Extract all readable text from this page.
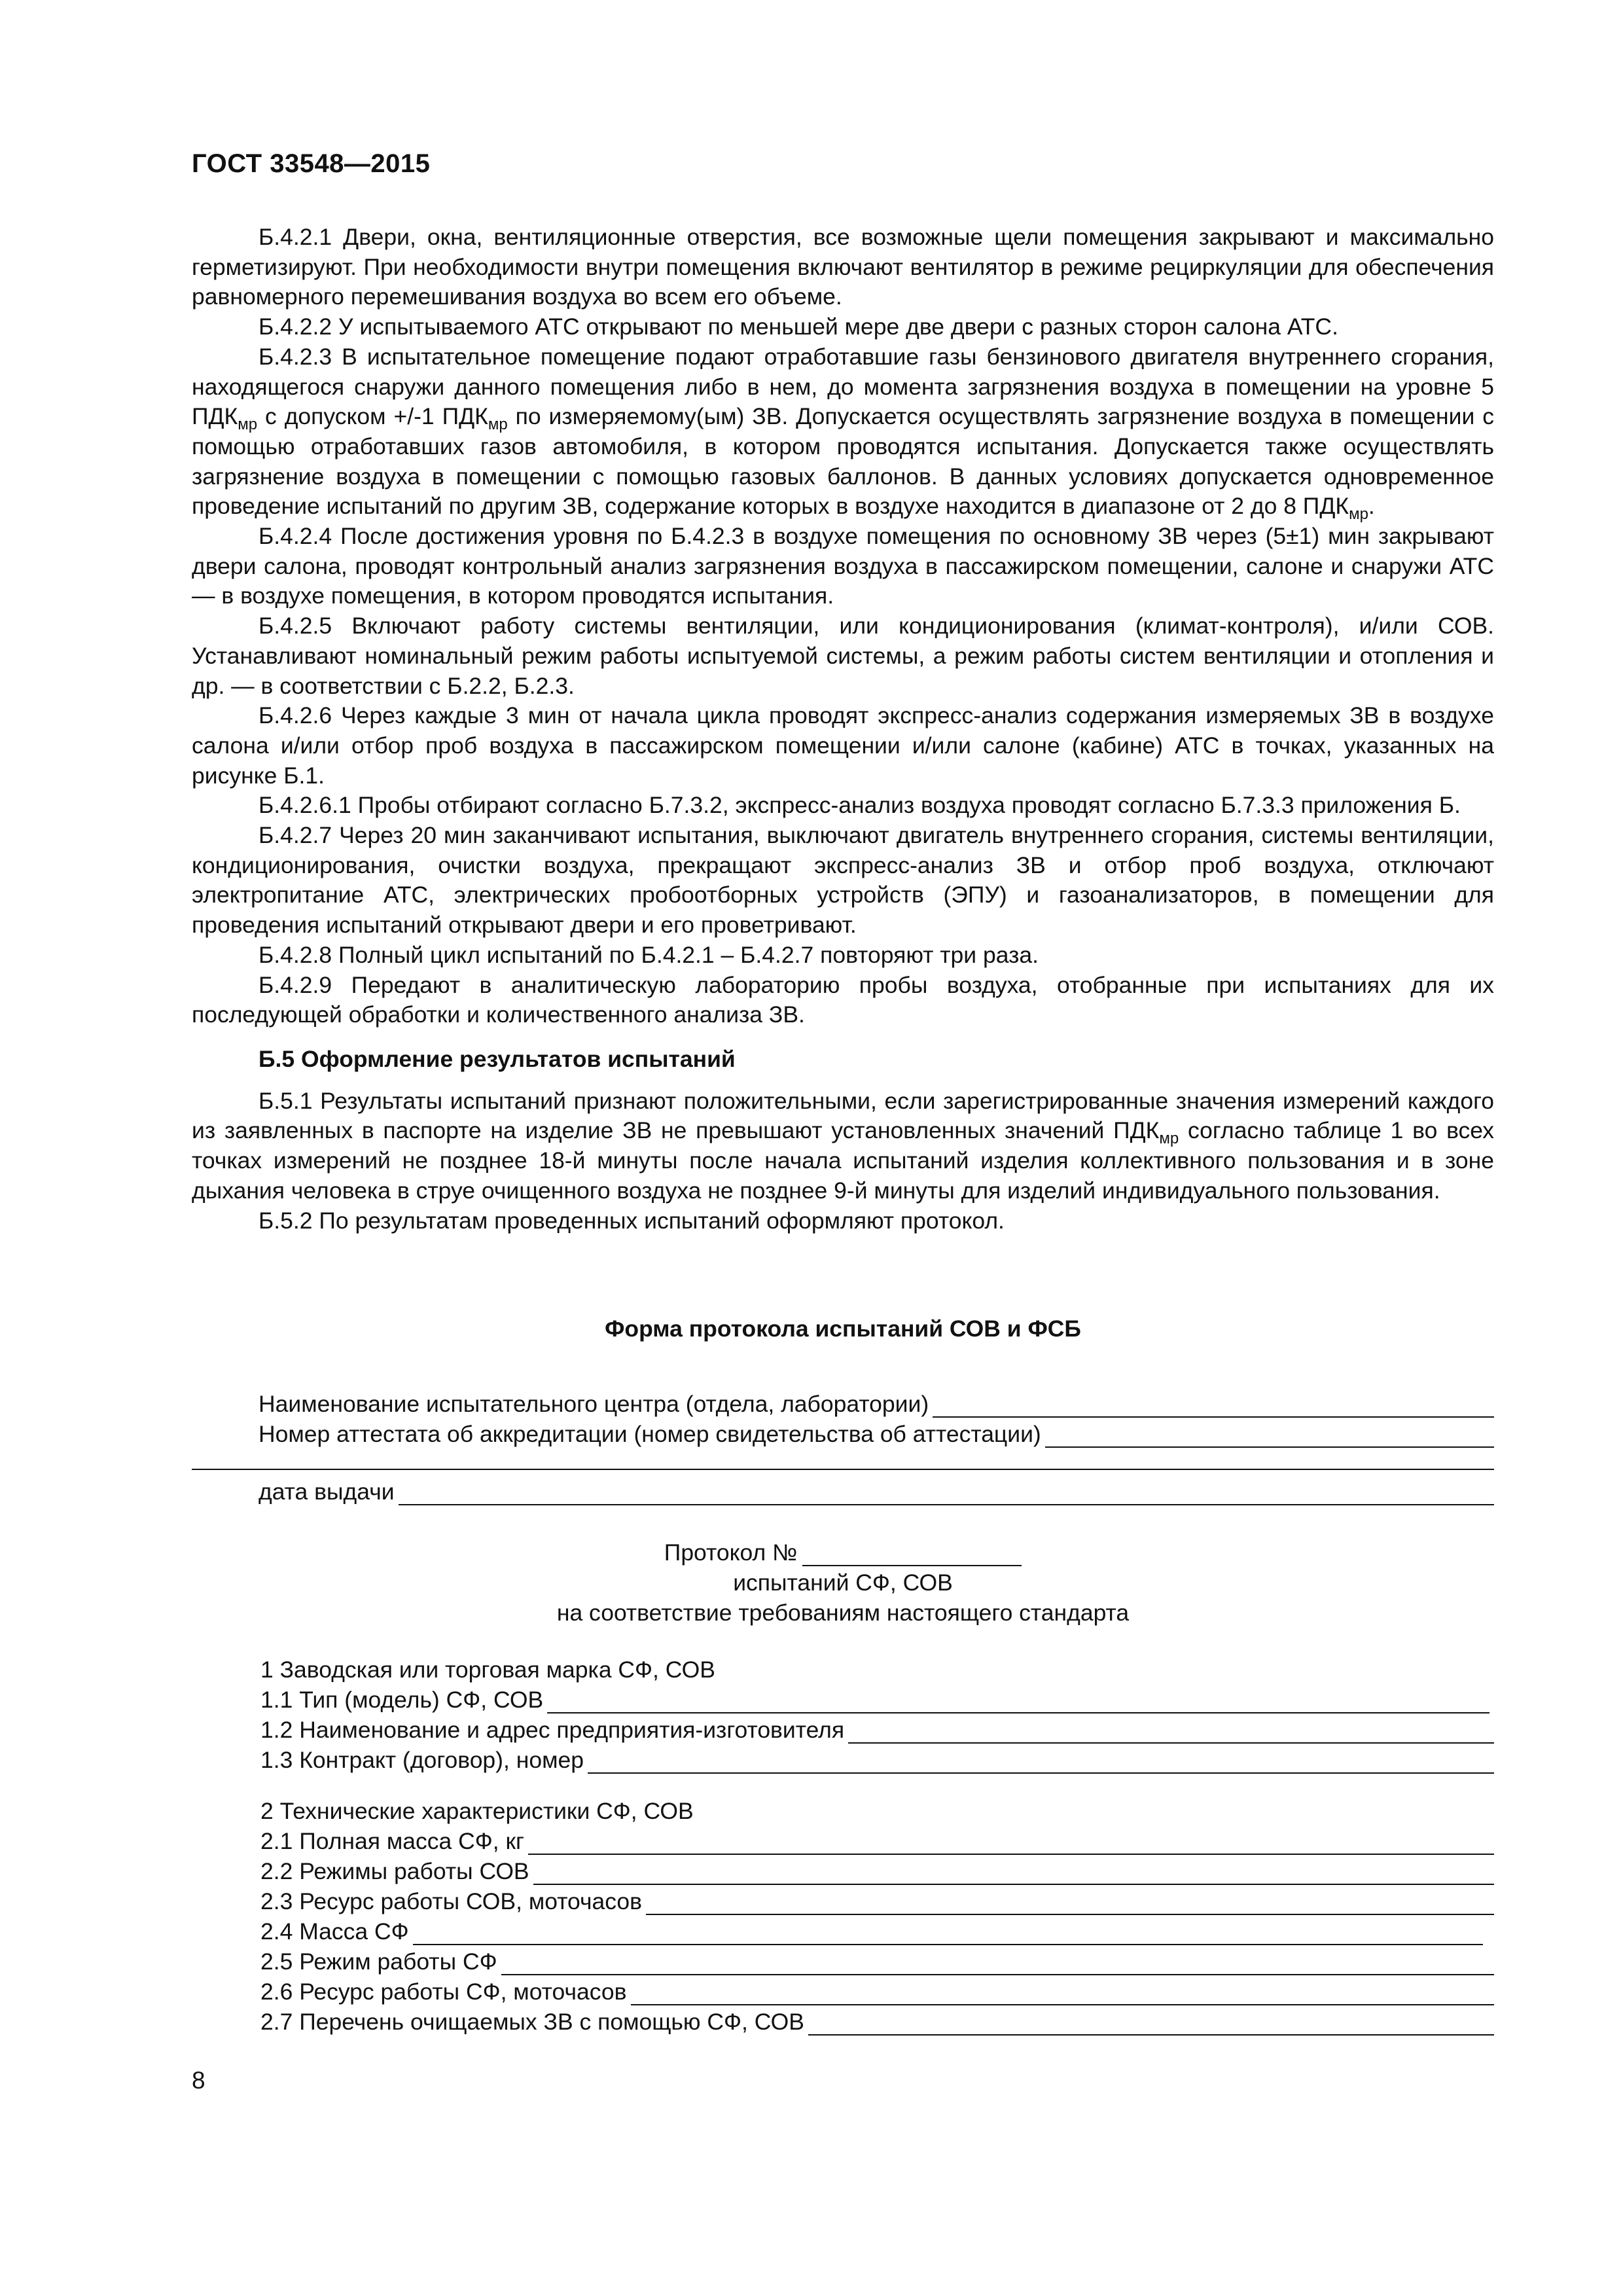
ГОСТ 33548—2015

Б.4.2.1 Двери, окна, вентиляционные отверстия, все возможные щели помещения закрывают и максимально герметизируют. При необходимости внутри помещения включают вентилятор в режиме рециркуляции для обеспечения равномерного перемешивания воздуха во всем его объеме.

Б.4.2.2 У испытываемого АТС открывают по меньшей мере две двери с разных сторон салона АТС.

Б.4.2.3 В испытательное помещение подают отработавшие газы бензинового двигателя внутреннего сгорания, находящегося снаружи данного помещения либо в нем, до момента загрязнения воздуха в помещении на уровне 5 $ПДК_{мр}$ с допуском +/-1 $ПДК_{мр}$ по измеряемому(ым) ЗВ. Допускается осуществлять загрязнение воздуха в помещении с помощью отработавших газов автомобиля, в котором проводятся испытания. Допускается также осуществлять загрязнение воздуха в помещении с помощью газовых баллонов. В данных условиях допускается одновременное проведение испытаний по другим ЗВ, содержание которых в воздухе находится в диапазоне от 2 до 8 $ПДК_{мр}$.

Б.4.2.4 После достижения уровня по Б.4.2.3 в воздухе помещения по основному ЗВ через (5±1) мин закрывают двери салона, проводят контрольный анализ загрязнения воздуха в пассажирском помещении, салоне и снаружи АТС — в воздухе помещения, в котором проводятся испытания.

Б.4.2.5 Включают работу системы вентиляции, или кондиционирования (климат-контроля), и/или СОВ. Устанавливают номинальный режим работы испытуемой системы, а режим работы систем вентиляции и отопления и др. — в соответствии с Б.2.2, Б.2.3.

Б.4.2.6 Через каждые 3 мин от начала цикла проводят экспресс-анализ содержания измеряемых ЗВ в воздухе салона и/или отбор проб воздуха в пассажирском помещении и/или салоне (кабине) АТС в точках, указанных на рисунке Б.1.

Б.4.2.6.1 Пробы отбирают согласно Б.7.3.2, экспресс-анализ воздуха проводят согласно Б.7.3.3 приложения Б.

Б.4.2.7 Через 20 мин заканчивают испытания, выключают двигатель внутреннего сгорания, системы вентиляции, кондиционирования, очистки воздуха, прекращают экспресс-анализ ЗВ и отбор проб воздуха, отключают электропитание АТС, электрических пробоотборных устройств (ЭПУ) и газоанализаторов, в помещении для проведения испытаний открывают двери и его проветривают.

Б.4.2.8 Полный цикл испытаний по Б.4.2.1 – Б.4.2.7 повторяют три раза.

Б.4.2.9 Передают в аналитическую лабораторию пробы воздуха, отобранные при испытаниях для их последующей обработки и количественного анализа ЗВ.

Б.5 Оформление результатов испытаний

Б.5.1 Результаты испытаний признают положительными, если зарегистрированные значения измерений каждого из заявленных в паспорте на изделие ЗВ не превышают установленных значений $ПДК_{мр}$ согласно таблице 1 во всех точках измерений не позднее 18-й минуты после начала испытаний изделия коллективного пользования и в зоне дыхания человека в струе очищенного воздуха не позднее 9-й минуты для изделий индивидуального пользования.

Б.5.2 По результатам проведенных испытаний оформляют протокол.

Форма протокола испытаний СОВ и ФСБ
Наименование испытательного центра (отдела, лаборатории)
Номер аттестата об аккредитации (номер свидетельства об аттестации)
дата выдачи
Протокол №
испытаний СФ, СОВ
на соответствие требованиям настоящего стандарта
1 Заводская или торговая марка СФ, СОВ
1.1 Тип (модель) СФ, СОВ
1.2 Наименование и адрес предприятия-изготовителя
1.3 Контракт (договор), номер
2 Технические характеристики СФ, СОВ
2.1 Полная масса СФ, кг
2.2 Режимы работы СОВ
2.3 Ресурс работы СОВ, моточасов
2.4 Масса СФ
2.5 Режим работы СФ
2.6 Ресурс работы СФ, моточасов
2.7 Перечень очищаемых ЗВ с помощью СФ, СОВ
8
